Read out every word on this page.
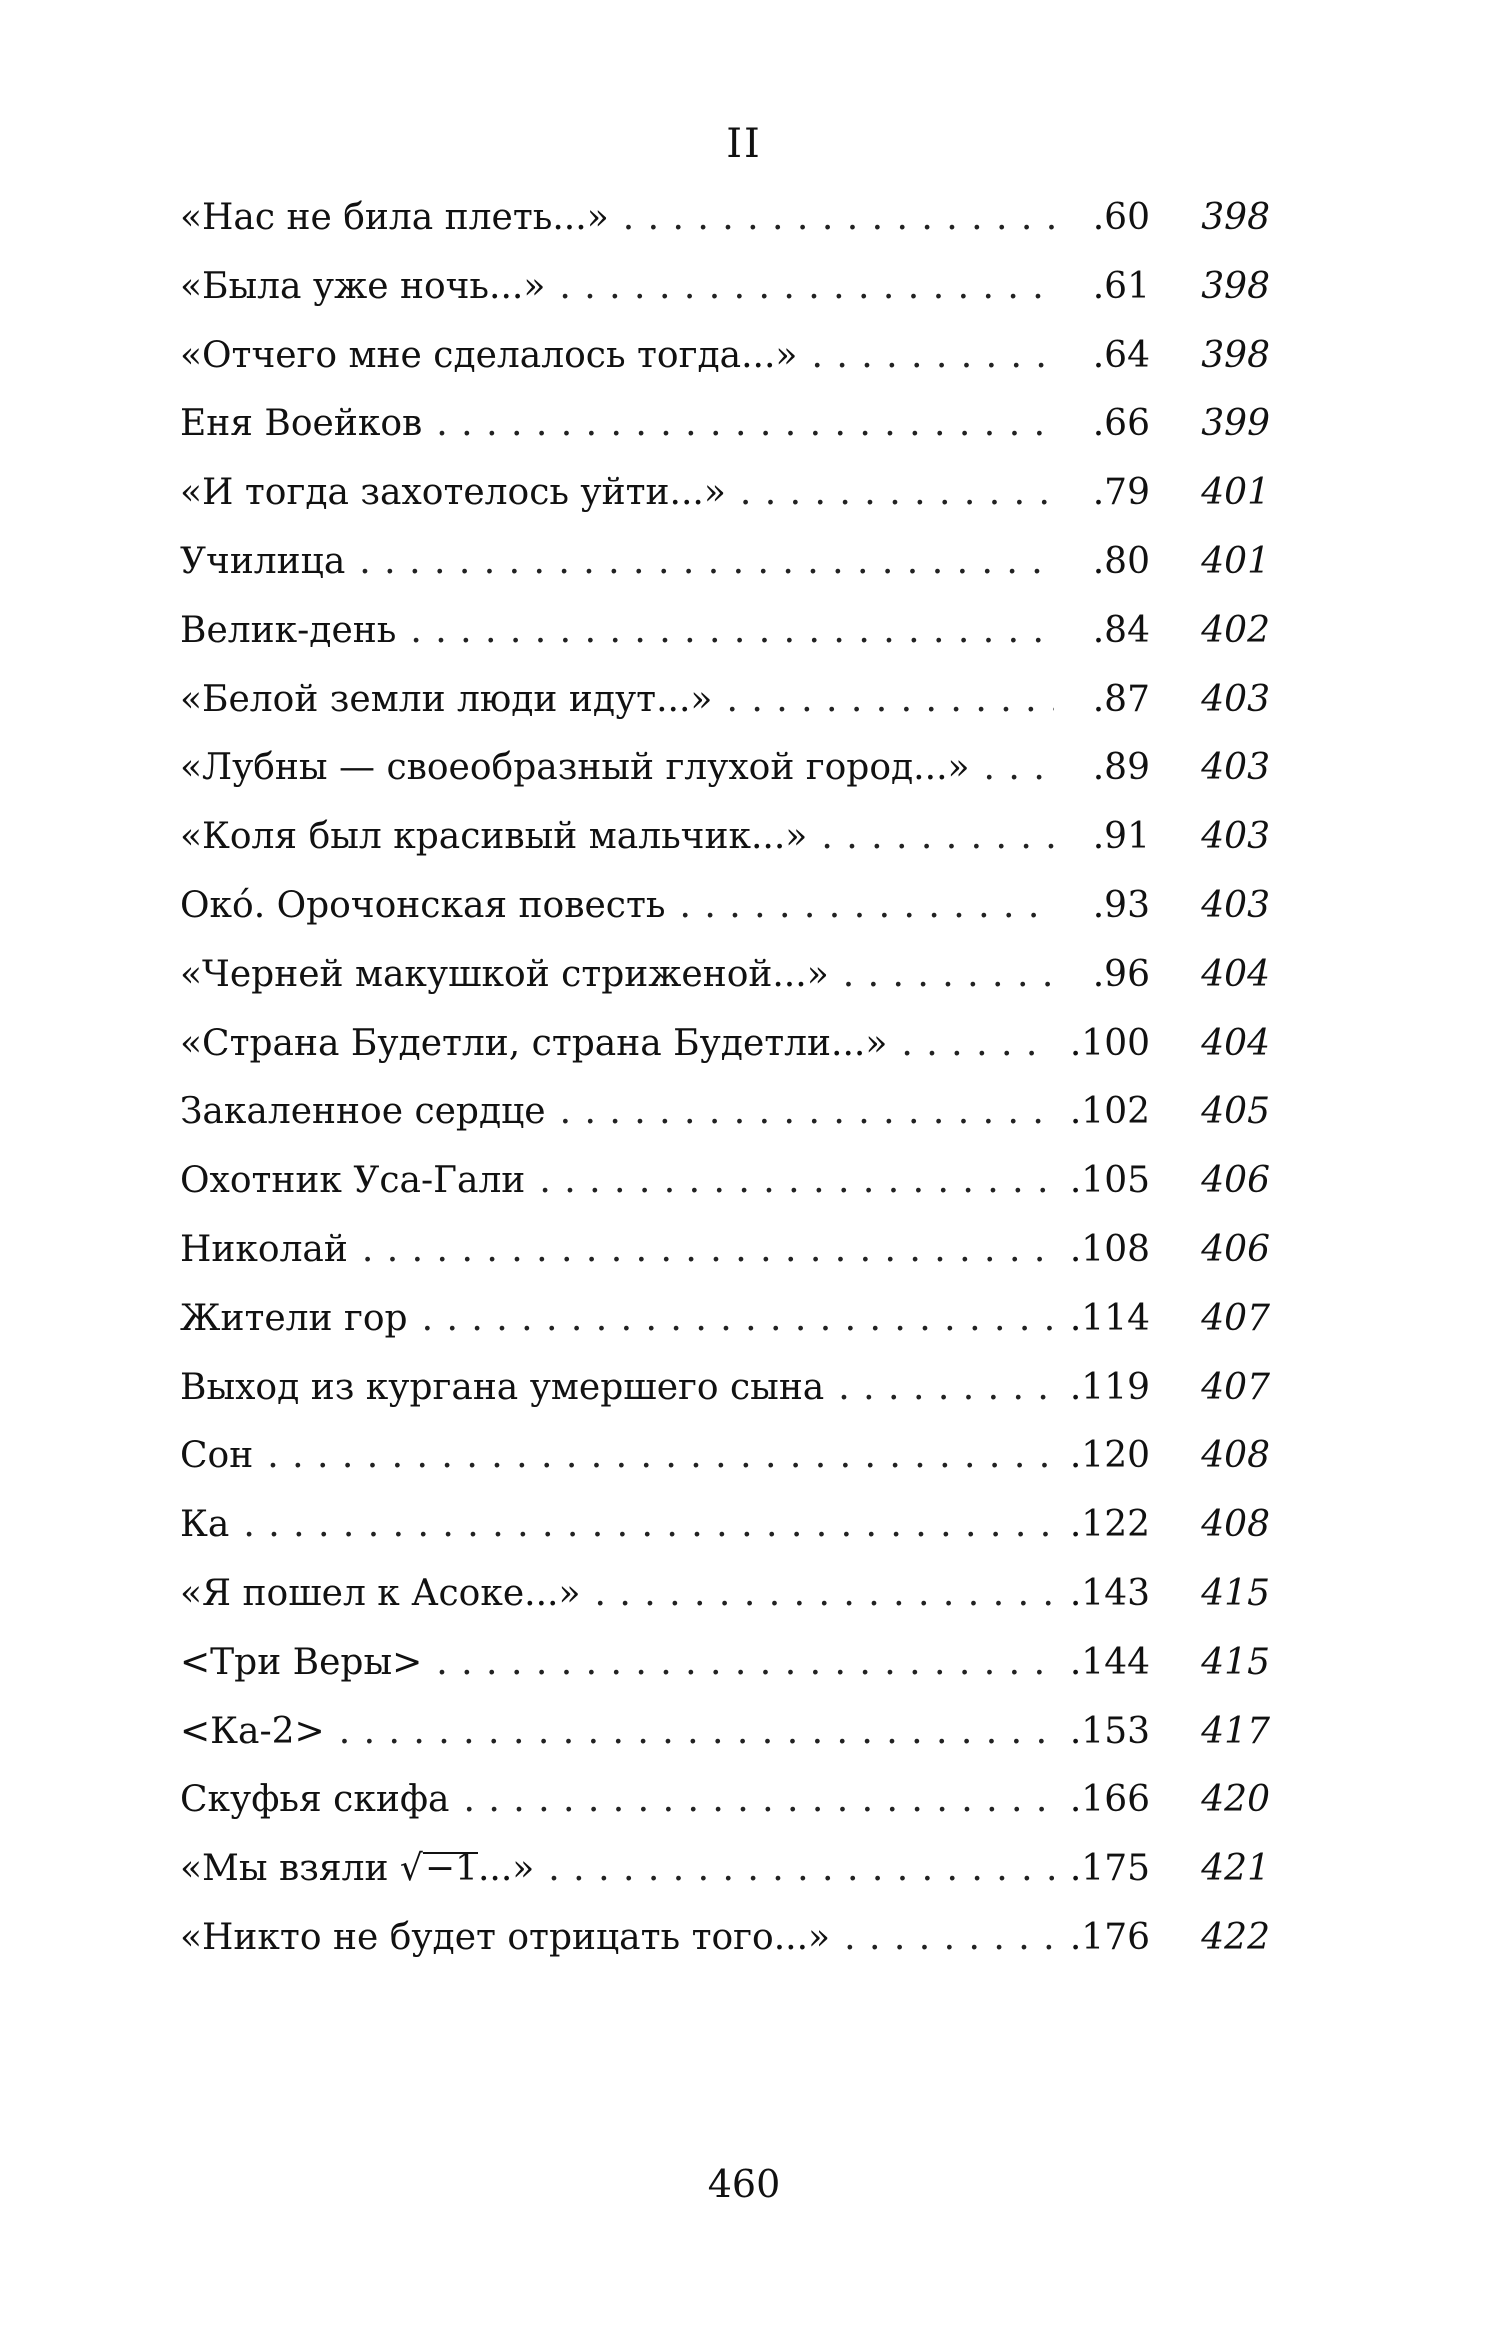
II
«Нас не била плеть...» . . .	.60	398
«Была уже ночь...» . . .	.61	398
«Отчего мне сделалось тогда...» . . .	.64	398
Еня Воейков . . .	.66	399
«И тогда захотелось уйти...» . . .	.79	401
Училица . . .	.80	401
Велик-день . . .	.84	402
«Белой земли люди идут...» . . .	.87	403
«Лубны — своеобразный глухой город...» . . .	.89	403
«Коля был красивый мальчик...» . . .	.91	403
Око́. Орочонская повесть . . .	.93	403
«Черней макушкой стриженой...» . . .	.96	404
«Страна Будетли, страна Будетли...» . . .	.100	404
Закаленное сердце . . .	.102	405
Охотник Уса-Гали . . .	.105	406
Николай . . .	.108	406
Жители гор . . .	.114	407
Выход из кургана умершего сына . . .	.119	407
Сон . . .	.120	408
Ка . . .	.122	408
«Я пошел к Асоке...» . . .	.143	415
<Три Веры> . . .	.144	415
<Ка-2> . . .	.153	417
Скуфья скифа . . .	.166	420
«Мы взяли √−1...» . . .	.175	421
«Никто не будет отрицать того...» . . .	.176	422
460
